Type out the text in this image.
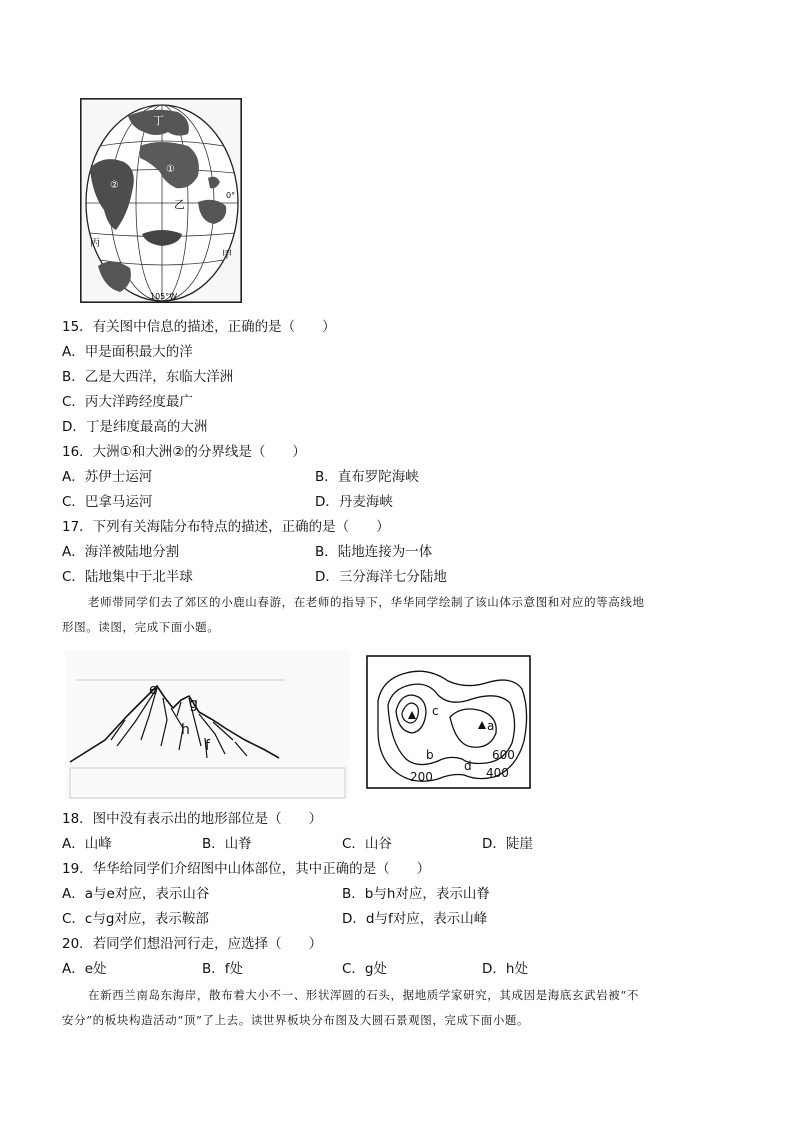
丁
①
②
乙
0°
丙
甲
105°W
15．有关图中信息的描述，正确的是（　　）
A．甲是面积最大的洋
B．乙是大西洋，东临大洋洲
C．丙大洋跨经度最广
D．丁是纬度最高的大洲
16．大洲①和大洲②的分界线是（　　）
A．苏伊士运河	B．直布罗陀海峡
C．巴拿马运河	D．丹麦海峡
17．下列有关海陆分布特点的描述，正确的是（　　）
A．海洋被陆地分割	B．陆地连接为一体
C．陆地集中于北半球	D．三分海洋七分陆地
老师带同学们去了郊区的小鹿山春游，在老师的指导下，华华同学绘制了该山体示意图和对应的等高线地
形图。读图，完成下面小题。
e
g
h
f
c
a
b
d
600
400
200
18．图中没有表示出的地形部位是（　　）
A．山峰	B．山脊	C．山谷	D．陡崖
19．华华给同学们介绍图中山体部位，其中正确的是（　　）
A．a与e对应，表示山谷	B．b与h对应，表示山脊
C．c与g对应，表示鞍部	D．d与f对应，表示山峰
20．若同学们想沿河行走，应选择（　　）
A．e处	B．f处	C．g处	D．h处
在新西兰南岛东海岸，散布着大小不一、形状浑圆的石头，据地质学家研究，其成因是海底玄武岩被“不
安分”的板块构造活动“顶”了上去。读世界板块分布图及大圆石景观图，完成下面小题。
